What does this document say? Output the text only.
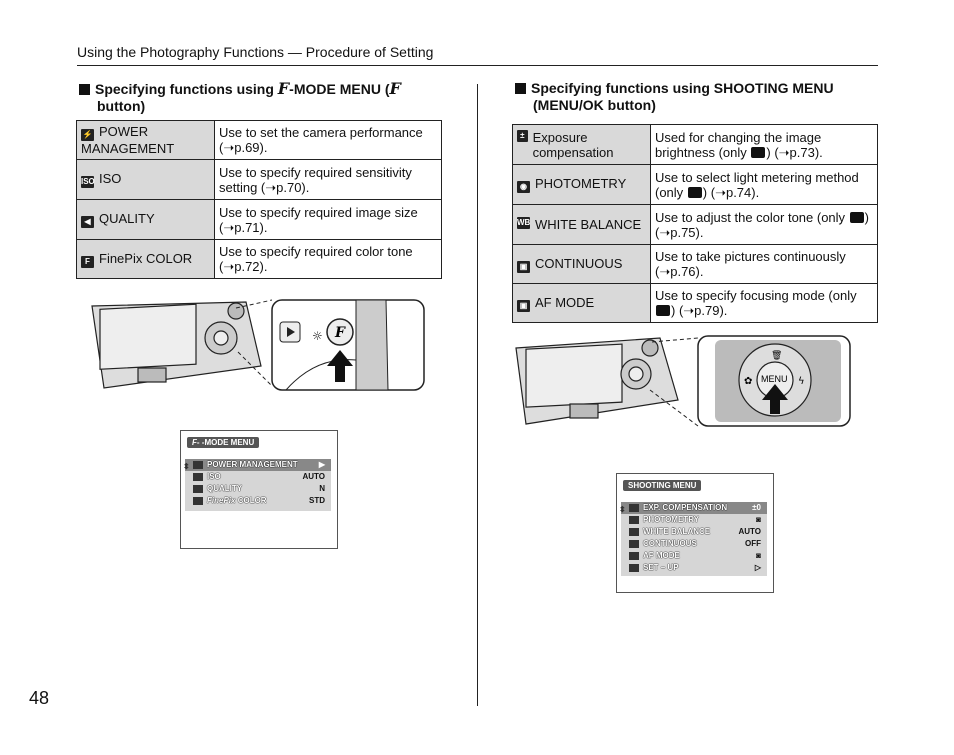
Using the Photography Functions — Procedure of Setting
48
Specifying functions using F-MODE MENU (F
button)
⚡ POWER MANAGEMENT	Use to set the camera performance (➝p.69).
ISO ISO	Use to specify required sensitivity setting (➝p.70).
◀ QUALITY	Use to specify required image size (➝p.71).
F FinePix COLOR	Use to specify required color tone (➝p.72).
☼ F
F- -MODE MENU
⬍ POWER MANAGEMENT	▶
ISO	AUTO
QUALITY	N
FinePix COLOR	STD
Specifying functions using SHOOTING MENU
(MENU/OK button)
± Exposure compensation	Used for changing the image brightness (only ) (➝p.73).
◉ PHOTOMETRY	Use to select light metering method (only ) (➝p.74).

WB WHITE BALANCE	Use to adjust the color tone (only ) (➝p.75).
▣ CONTINUOUS	Use to take pictures continuously (➝p.76).
▣ AF MODE	Use to specify focusing mode (only ) (➝p.79).
MENU
🗑
✿	ϟ
SHOOTING MENU
⬍ EXP. COMPENSATION	±0
PHOTOMETRY	◙
WHITE BALANCE	AUTO
CONTINUOUS	OFF
AF MODE	◙
SET – UP	▷
